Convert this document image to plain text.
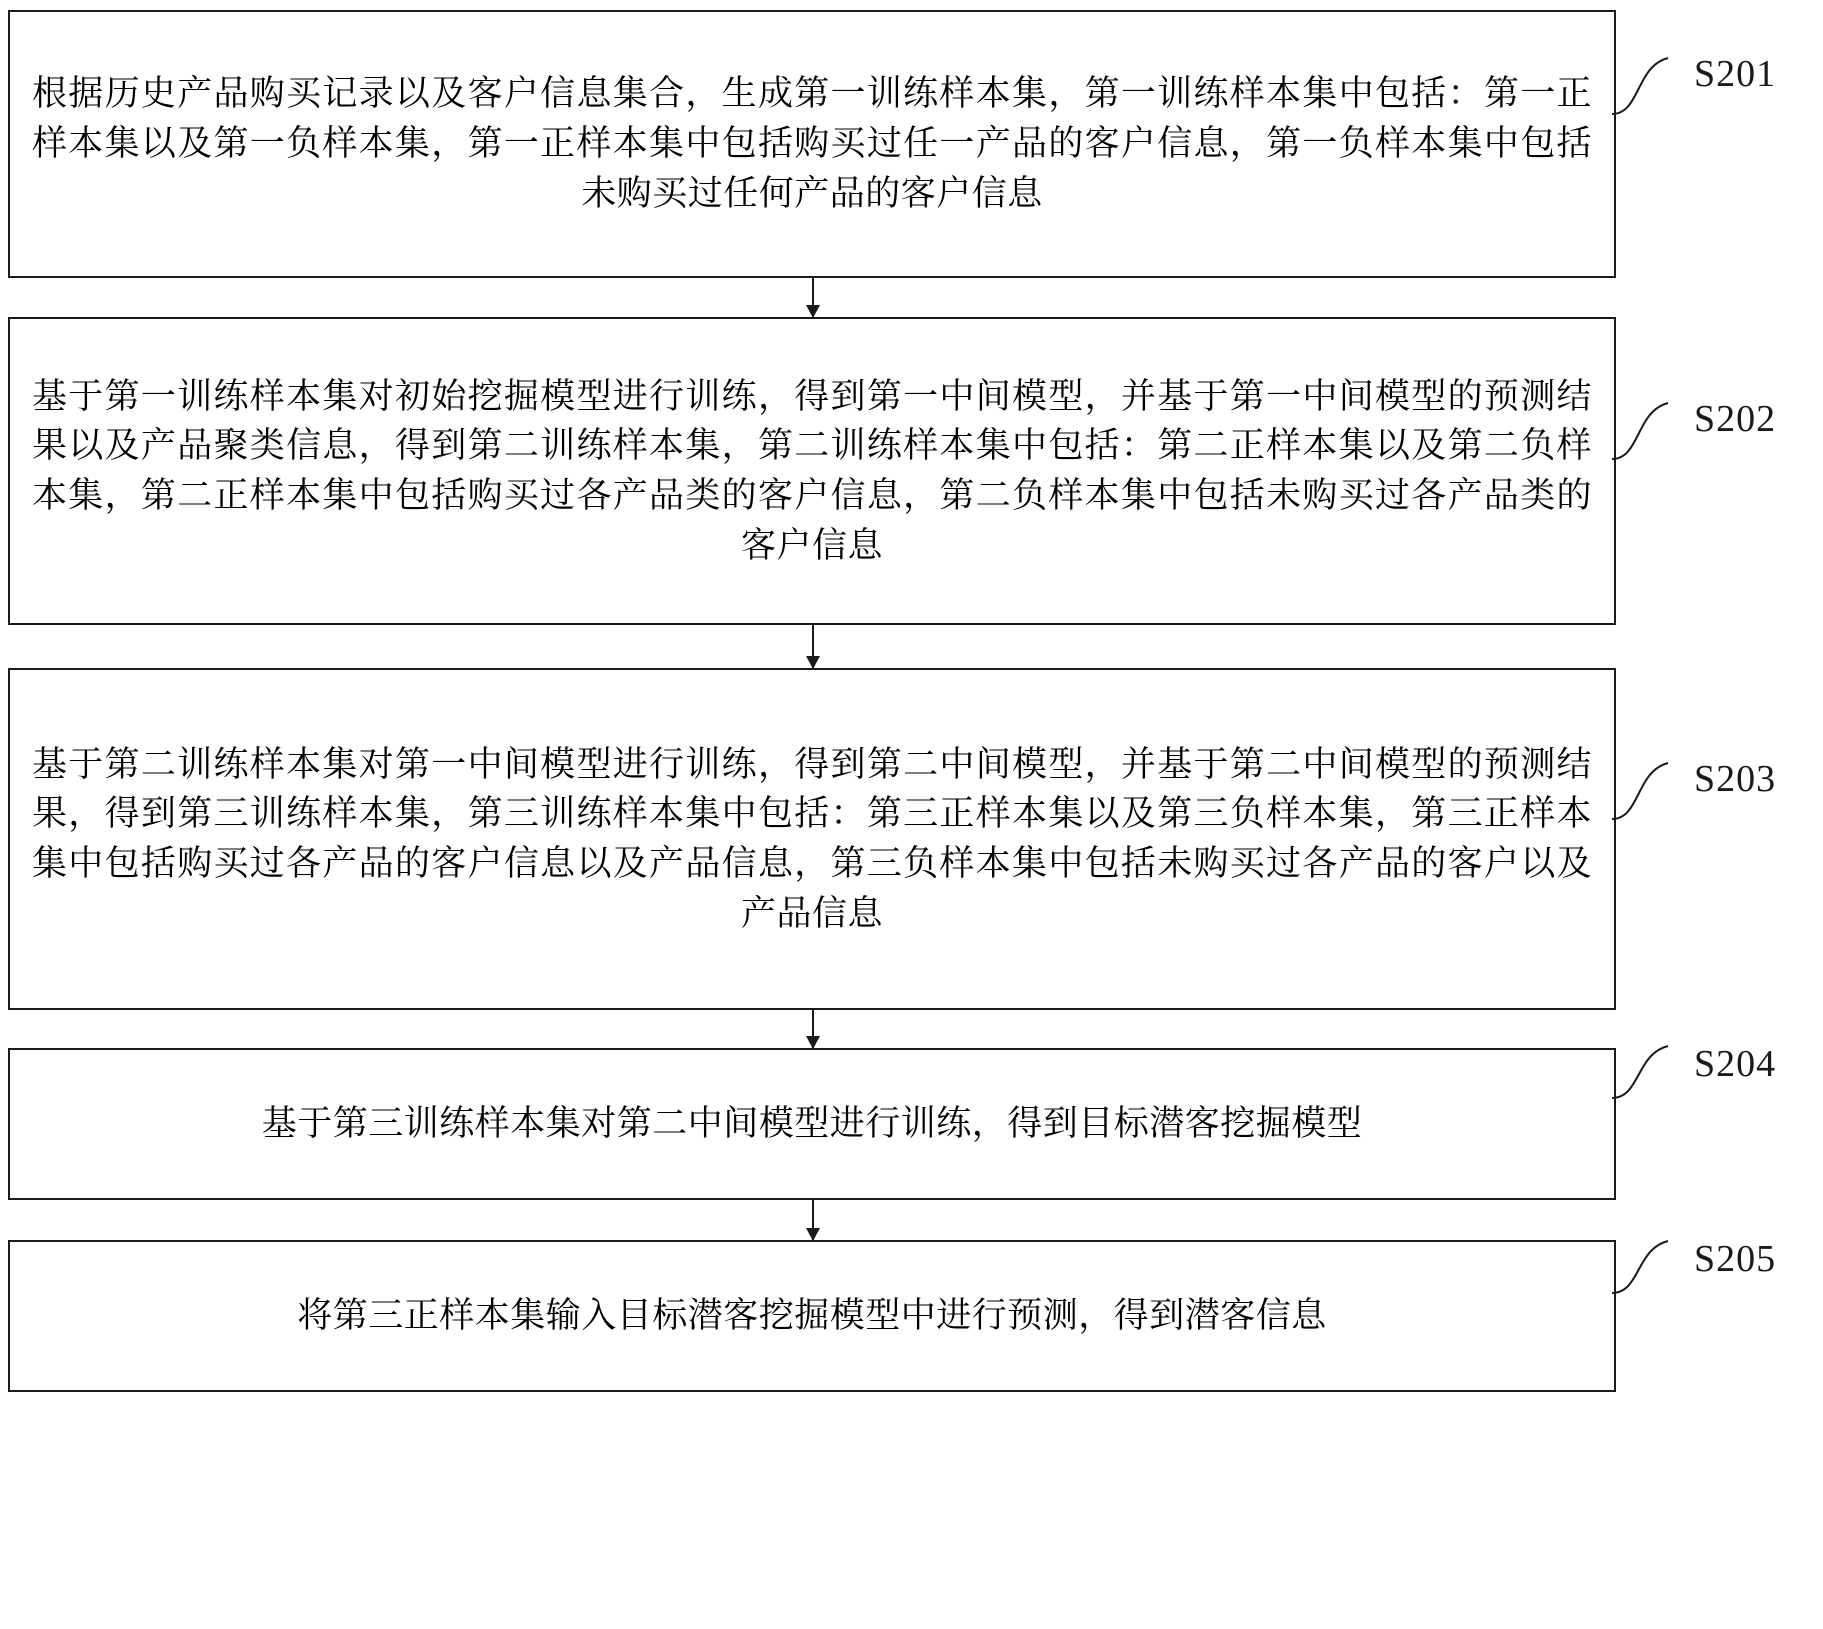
根据历史产品购买记录以及客户信息集合，生成第一训练样本集，第一训练样本集中包括：第一正样本集以及第一负样本集，第一正样本集中包括购买过任一产品的客户信息，第一负样本集中包括未购买过任何产品的客户信息
S201
基于第一训练样本集对初始挖掘模型进行训练，得到第一中间模型，并基于第一中间模型的预测结果以及产品聚类信息，得到第二训练样本集，第二训练样本集中包括：第二正样本集以及第二负样本集，第二正样本集中包括购买过各产品类的客户信息，第二负样本集中包括未购买过各产品类的客户信息
S202
基于第二训练样本集对第一中间模型进行训练，得到第二中间模型，并基于第二中间模型的预测结果，得到第三训练样本集，第三训练样本集中包括：第三正样本集以及第三负样本集，第三正样本集中包括购买过各产品的客户信息以及产品信息，第三负样本集中包括未购买过各产品的客户以及产品信息
S203
基于第三训练样本集对第二中间模型进行训练，得到目标潜客挖掘模型
S204
将第三正样本集输入目标潜客挖掘模型中进行预测，得到潜客信息
S205
